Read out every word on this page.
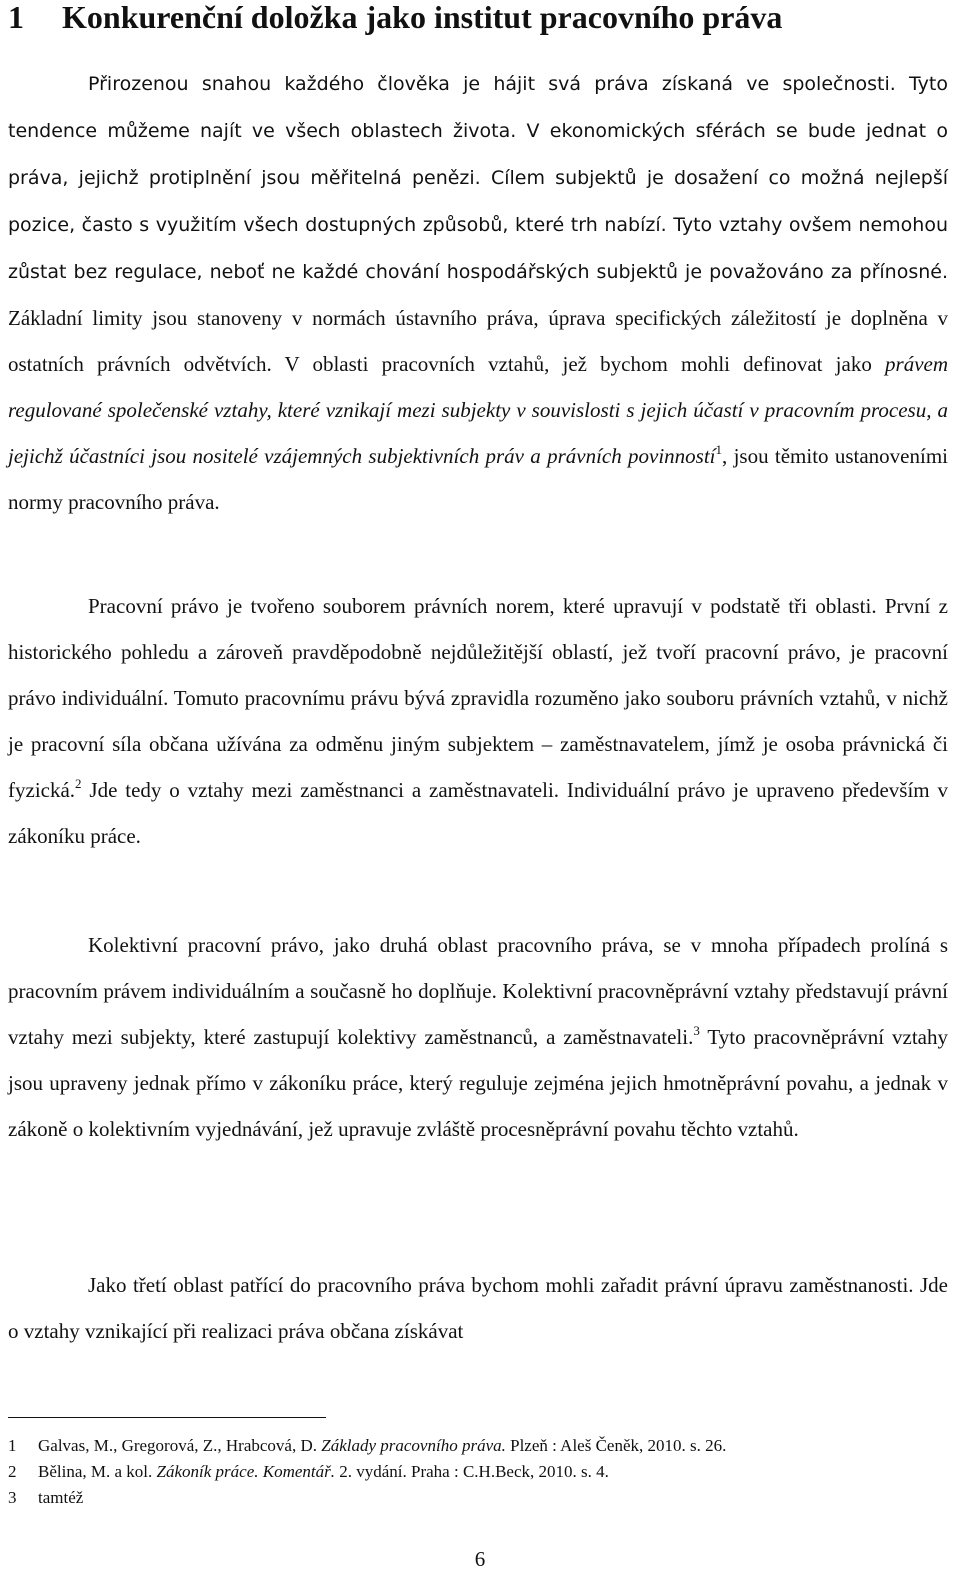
1 Konkurenční doložka jako institut pracovního práva

Přirozenou snahou každého člověka je hájit svá práva získaná ve společnosti. Tyto tendence můžeme najít ve všech oblastech života. V ekonomických sférách se bude jednat o práva, jejichž protiplnění jsou měřitelná penězi. Cílem subjektů je dosažení co možná nejlepší pozice, často s využitím všech dostupných způsobů, které trh nabízí. Tyto vztahy ovšem nemohou zůstat bez regulace, neboť ne každé chování hospodářských subjektů je považováno za přínosné. Základní limity jsou stanoveny v normách ústavního práva, úprava specifických záležitostí je doplněna v ostatních právních odvětvích. V oblasti pracovních vztahů, jež bychom mohli definovat jako právem regulované společenské vztahy, které vznikají mezi subjekty v souvislosti s jejich účastí v pracovním procesu, a jejichž účastníci jsou nositelé vzájemných subjektivních práv a právních povinností$^1$, jsou těmito ustanoveními normy pracovního práva.

Pracovní právo je tvořeno souborem právních norem, které upravují v podstatě tři oblasti. První z historického pohledu a zároveň pravděpodobně nejdůležitější oblastí, jež tvoří pracovní právo, je pracovní právo individuální. Tomuto pracovnímu právu bývá zpravidla rozuměno jako souboru právních vztahů, v nichž je pracovní síla občana užívána za odměnu jiným subjektem – zaměstnavatelem, jímž je osoba právnická či fyzická.$^2$ Jde tedy o vztahy mezi zaměstnanci a zaměstnavateli. Individuální právo je upraveno především v zákoníku práce.

Kolektivní pracovní právo, jako druhá oblast pracovního práva, se v mnoha případech prolíná s pracovním právem individuálním a současně ho doplňuje. Kolektivní pracovněprávní vztahy představují právní vztahy mezi subjekty, které zastupují kolektivy zaměstnanců, a zaměstnavateli.$^3$ Tyto pracovněprávní vztahy jsou upraveny jednak přímo v zákoníku práce, který reguluje zejména jejich hmotněprávní povahu, a jednak v zákoně o kolektivním vyjednávání, jež upravuje zvláště procesněprávní povahu těchto vztahů.

Jako třetí oblast patřící do pracovního práva bychom mohli zařadit právní úpravu zaměstnanosti. Jde o vztahy vznikající při realizaci práva občana získávat

1	Galvas, M., Gregorová, Z., Hrabcová, D. Základy pracovního práva. Plzeň : Aleš Čeněk, 2010. s. 26.
2	Bělina, M. a kol. Zákoník práce. Komentář. 2. vydání. Praha : C.H.Beck, 2010. s. 4.
3	tamtéž
6
